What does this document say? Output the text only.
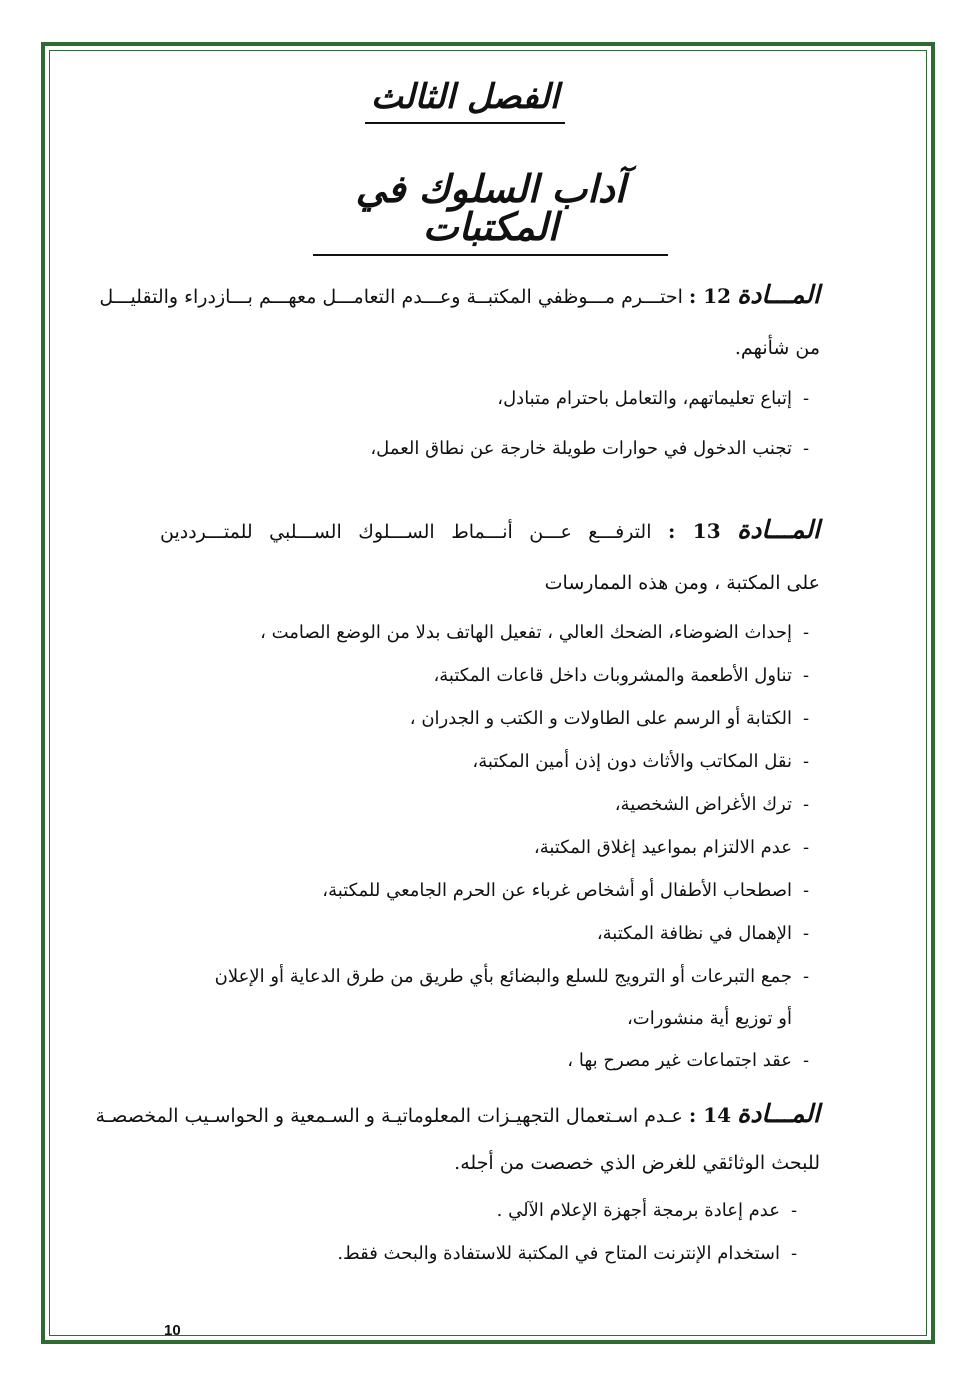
الفصل الثالث
آداب السلوك في المكتبات
المـــادة 12 : احتـــرم مـــوظفي المكتبــة وعـــدم التعامـــل معهـــم بـــازدراء والتقليـــل
من شأنهم.
-إتباع تعليماتهم، والتعامل باحترام متبادل،
-تجنب الدخول في حوارات طويلة خارجة عن نطاق العمل،
المـــادة 13 : الترفـــع عـــن أنـــماط الســـلوك الســـلبي للمتـــرددين
على المكتبة ، ومن هذه الممارسات
-إحداث الضوضاء، الضحك العالي ، تفعيل الهاتف بدلا من الوضع الصامت ،
-تناول الأطعمة والمشروبات داخل قاعات المكتبة،
-الكتابة أو الرسم على الطاولات و الكتب و الجدران ،
-نقل المكاتب والأثاث دون إذن أمين المكتبة،
-ترك الأغراض الشخصية،
-عدم الالتزام بمواعيد إغلاق المكتبة،
-اصطحاب الأطفال أو أشخاص غرباء عن الحرم الجامعي للمكتبة،
-الإهمال في نظافة المكتبة،
-جمع التبرعات أو الترويج للسلع والبضائع بأي طريق من طرق الدعاية أو الإعلان
أو توزيع أية منشورات،
-عقد اجتماعات غير مصرح بها ،
المـــادة 14 : عـدم اسـتعمال التجهيـزات المعلوماتيـة و السـمعية و الحواسـيب المخصصـة
للبحث الوثائقي للغرض الذي خصصت من أجله.
-عدم إعادة برمجة أجهزة الإعلام الآلي .
-استخدام الإنترنت المتاح في المكتبة للاستفادة والبحث فقط.
10
